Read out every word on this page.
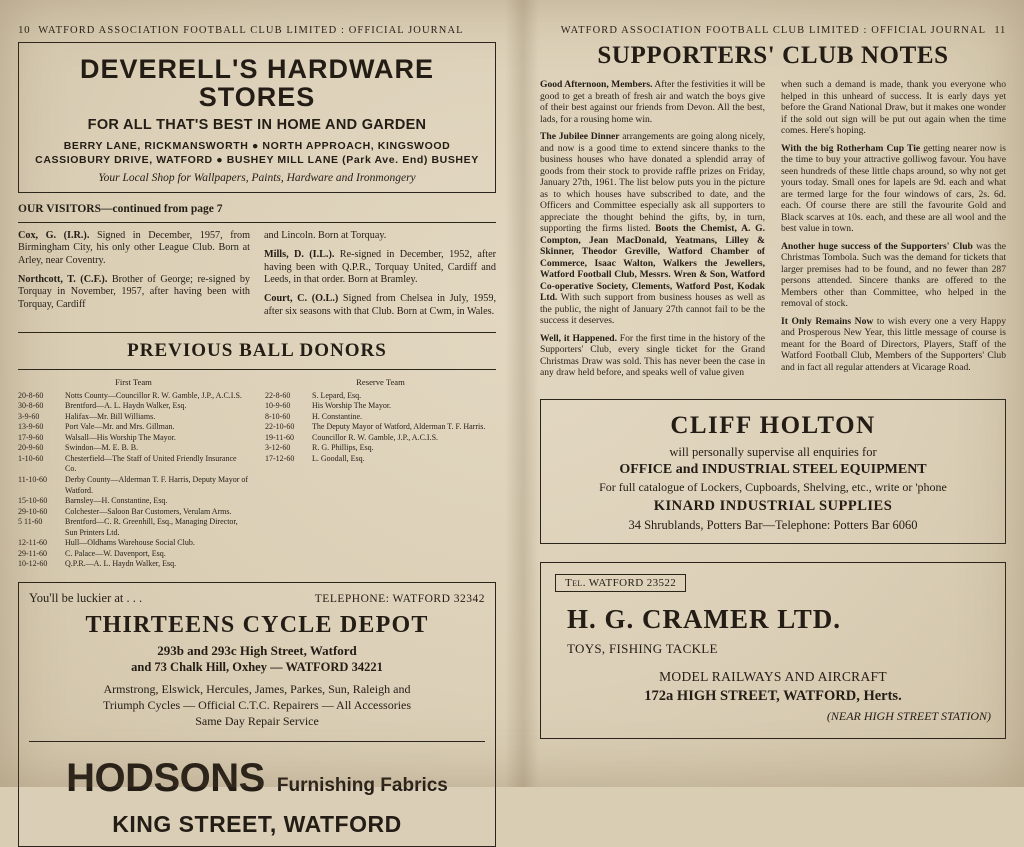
10 WATFORD ASSOCIATION FOOTBALL CLUB LIMITED : OFFICIAL JOURNAL
DEVERELL'S HARDWARE STORES
FOR ALL THAT'S BEST IN HOME AND GARDEN
BERRY LANE, RICKMANSWORTH ● NORTH APPROACH, KINGSWOOD
CASSIOBURY DRIVE, WATFORD ● BUSHEY MILL LANE (Park Ave. End) BUSHEY
Your Local Shop for Wallpapers, Paints, Hardware and Ironmongery
OUR VISITORS—continued from page 7

Cox, G. (I.R.). Signed in December, 1957, from Birmingham City, his only other League Club. Born at Arley, near Coventry.

Northcott, T. (C.F.). Brother of George; re-signed by Torquay in November, 1957, after having been with Torquay, Cardiff

and Lincoln. Born at Torquay.

Mills, D. (I.L.). Re-signed in December, 1952, after having been with Q.P.R., Torquay United, Cardiff and Leeds, in that order. Born at Bramley.

Court, C. (O.L.) Signed from Chelsea in July, 1959, after six seasons with that Club. Born at Cwm, in Wales.

PREVIOUS BALL DONORS
First Team
20-8-60	Notts County—Councillor R. W. Gamble, J.P., A.C.I.S.
30-8-60	Brentford—A. L. Haydn Walker, Esq.
3-9-60	Halifax—Mr. Bill Williams.
13-9-60	Port Vale—Mr. and Mrs. Gillman.
17-9-60	Walsall—His Worship The Mayor.
20-9-60	Swindon—M. E. B. B.
1-10-60	Chesterfield—The Staff of United Friendly Insurance Co.
11-10-60	Derby County—Alderman T. F. Harris, Deputy Mayor of Watford.
15-10-60	Barnsley—H. Constantine, Esq.
29-10-60	Colchester—Saloon Bar Customers, Verulam Arms.
5 11-60	Brentford—C. R. Greenhill, Esq., Managing Director, Sun Printers Ltd.
12-11-60	Hull—Oldhams Warehouse Social Club.
29-11-60	C. Palace—W. Davenport, Esq.
10-12-60	Q.P.R.—A. L. Haydn Walker, Esq.
Reserve Team
22-8-60	S. Lepard, Esq.
10-9-60	His Worship The Mayor.
8-10-60	H. Constantine.
22-10-60	The Deputy Mayor of Watford, Alderman T. F. Harris.
19-11-60	Councillor R. W. Gamble, J.P., A.C.I.S.
3-12-60	R. G. Phillips, Esq.
17-12-60	L. Goodall, Esq.
You'll be luckier at . . .	TELEPHONE: WATFORD 32342
THIRTEENS CYCLE DEPOT
293b and 293c High Street, Watford
and 73 Chalk Hill, Oxhey — WATFORD 34221
Armstrong, Elswick, Hercules, James, Parkes, Sun, Raleigh and
Triumph Cycles — Official C.T.C. Repairers — All Accessories
Same Day Repair Service
HODSONS Furnishing Fabrics
KING STREET, WATFORD
WATFORD ASSOCIATION FOOTBALL CLUB LIMITED : OFFICIAL JOURNAL 11
SUPPORTERS' CLUB NOTES

Good Afternoon, Members. After the festivities it will be good to get a breath of fresh air and watch the boys give of their best against our friends from Devon. All the best, lads, for a rousing home win.

The Jubilee Dinner arrangements are going along nicely, and now is a good time to extend sincere thanks to the business houses who have donated a splendid array of goods from their stock to provide raffle prizes on Friday, January 27th, 1961. The list below puts you in the picture as to which houses have subscribed to date, and the Officers and Committee especially ask all supporters to appreciate the thought behind the gifts, by, in turn, supporting the firms listed. Boots the Chemist, A. G. Compton, Jean MacDonald, Yeatmans, Lilley & Skinner, Theodor Greville, Watford Chamber of Commerce, Isaac Walton, Walkers the Jewellers, Watford Football Club, Messrs. Wren & Son, Watford Co-operative Society, Clements, Watford Post, Kodak Ltd. With such support from business houses as well as the public, the night of January 27th cannot fail to be the success it deserves.

Well, it Happened. For the first time in the history of the Supporters' Club, every single ticket for the Grand Christmas Draw was sold. This has never been the case in any draw held before, and speaks well of value given

when such a demand is made, thank you everyone who helped in this unheard of success. It is early days yet before the Grand National Draw, but it makes one wonder if the sold out sign will be put out again when the time comes. Here's hoping.

With the big Rotherham Cup Tie getting nearer now is the time to buy your attractive golliwog favour. You have seen hundreds of these little chaps around, so why not get yours today. Small ones for lapels are 9d. each and what are termed large for the four windows of cars, 2s. 6d. each. Of course there are still the favourite Gold and Black scarves at 10s. each, and these are all wool and the best value in town.

Another huge success of the Supporters' Club was the Christmas Tombola. Such was the demand for tickets that larger premises had to be found, and no fewer than 287 persons attended. Sincere thanks are offered to the Members other than Committee, who helped in the removal of stock.

It Only Remains Now to wish every one a very Happy and Prosperous New Year, this little message of course is meant for the Board of Directors, Players, Staff of the Watford Football Club, Members of the Supporters' Club and in fact all regular attenders at Vicarage Road.

CLIFF HOLTON
will personally supervise all enquiries for
OFFICE and INDUSTRIAL STEEL EQUIPMENT
For full catalogue of Lockers, Cupboards, Shelving, etc., write or 'phone
KINARD INDUSTRIAL SUPPLIES
34 Shrublands, Potters Bar—Telephone: Potters Bar 6060
Tel. WATFORD 23522
H. G. CRAMER LTD.
TOYS, FISHING TACKLE
MODEL RAILWAYS AND AIRCRAFT
172a HIGH STREET, WATFORD, Herts.
(NEAR HIGH STREET STATION)
